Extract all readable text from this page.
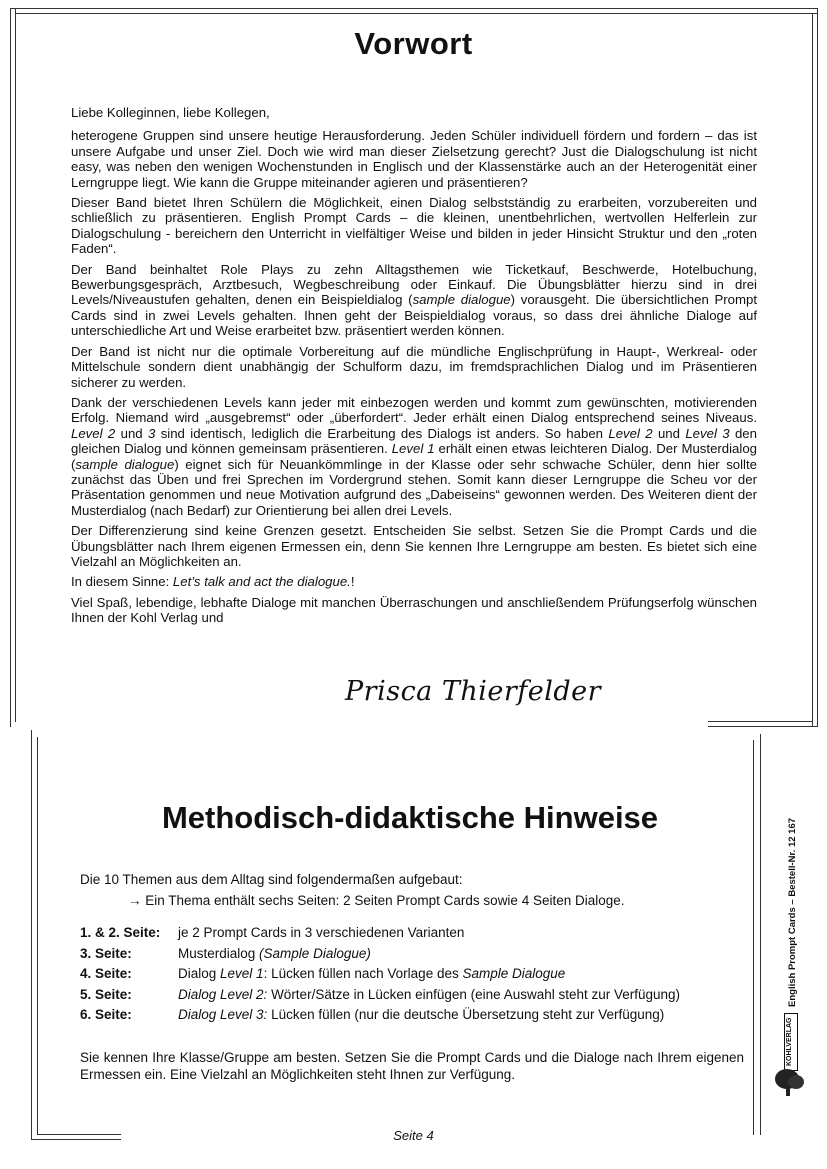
Vorwort

Liebe Kolleginnen, liebe Kollegen,

heterogene Gruppen sind unsere heutige Herausforderung. Jeden Schüler individuell fördern und fordern – das ist unsere Aufgabe und unser Ziel. Doch wie wird man dieser Zielsetzung gerecht? Just die Dialogschulung ist nicht easy, was neben den wenigen Wochenstunden in Englisch und der Klassenstärke auch an der Heterogenität einer Lerngruppe liegt. Wie kann die Gruppe miteinander agieren und präsentieren?

Dieser Band bietet Ihren Schülern die Möglichkeit, einen Dialog selbstständig zu erarbeiten, vorzubereiten und schließlich zu präsentieren. English Prompt Cards – die kleinen, unentbehrlichen, wertvollen Helferlein zur Dialogschulung - bereichern den Unterricht in vielfältiger Weise und bilden in jeder Hinsicht Struktur und den „roten Faden“.

Der Band beinhaltet Role Plays zu zehn Alltagsthemen wie Ticketkauf, Beschwerde, Hotelbuchung, Bewerbungsgespräch, Arztbesuch, Wegbeschreibung oder Einkauf. Die Übungsblätter hierzu sind in drei Levels/Niveaustufen gehalten, denen ein Beispieldialog (sample dialogue) vorausgeht. Die übersichtlichen Prompt Cards sind in zwei Levels gehalten. Ihnen geht der Beispieldialog voraus, so dass drei ähnliche Dialoge auf unterschiedliche Art und Weise erarbeitet bzw. präsentiert werden können.

Der Band ist nicht nur die optimale Vorbereitung auf die mündliche Englischprüfung in Haupt-, Werkreal- oder Mittelschule sondern dient unabhängig der Schulform dazu, im fremdsprachlichen Dialog und im Präsentieren sicherer zu werden.

Dank der verschiedenen Levels kann jeder mit einbezogen werden und kommt zum gewünschten, motivierenden Erfolg. Niemand wird „ausgebremst“ oder „überfordert“. Jeder erhält einen Dialog entsprechend seines Niveaus. Level 2 und 3 sind identisch, lediglich die Erarbeitung des Dialogs ist anders. So haben Level 2 und Level 3 den gleichen Dialog und können gemeinsam präsentieren. Level 1 erhält einen etwas leichteren Dialog. Der Musterdialog (sample dialogue) eignet sich für Neuankömmlinge in der Klasse oder sehr schwache Schüler, denn hier sollte zunächst das Üben und frei Sprechen im Vordergrund stehen. Somit kann dieser Lerngruppe die Scheu vor der Präsentation genommen und neue Motivation aufgrund des „Dabeiseins“ gewonnen werden. Des Weiteren dient der Musterdialog (nach Bedarf) zur Orientierung bei allen drei Levels.

Der Differenzierung sind keine Grenzen gesetzt. Entscheiden Sie selbst. Setzen Sie die Prompt Cards und die Übungsblätter nach Ihrem eigenen Ermessen ein, denn Sie kennen Ihre Lerngruppe am besten. Es bietet sich eine Vielzahl an Möglichkeiten an.

In diesem Sinne: Let’s talk and act the dialogue.!

Viel Spaß, lebendige, lebhafte Dialoge mit manchen Überraschungen und anschließendem Prüfungserfolg wünschen Ihnen der Kohl Verlag und

Prisca Thierfelder

Methodisch-didaktische Hinweise

Die 10 Themen aus dem Alltag sind folgendermaßen aufgebaut:

→ Ein Thema enthält sechs Seiten: 2 Seiten Prompt Cards sowie 4 Seiten Dialoge.

1. & 2. Seite:	je 2 Prompt Cards in 3 verschiedenen Varianten
3. Seite:	Musterdialog (Sample Dialogue)
4. Seite:	Dialog Level 1: Lücken füllen nach Vorlage des Sample Dialogue
5. Seite:	Dialog Level 2: Wörter/Sätze in Lücken einfügen (eine Auswahl steht zur Verfügung)
6. Seite:	Dialog Level 3: Lücken füllen (nur die deutsche Übersetzung steht zur Verfügung)

Sie kennen Ihre Klasse/Gruppe am besten. Setzen Sie die Prompt Cards und die Dialoge nach Ihrem eigenen Ermessen ein. Eine Vielzahl an Möglichkeiten steht Ihnen zur Verfügung.

English Prompt Cards – Bestell-Nr. 12 167
KOHLVERLAG

Seite 4
